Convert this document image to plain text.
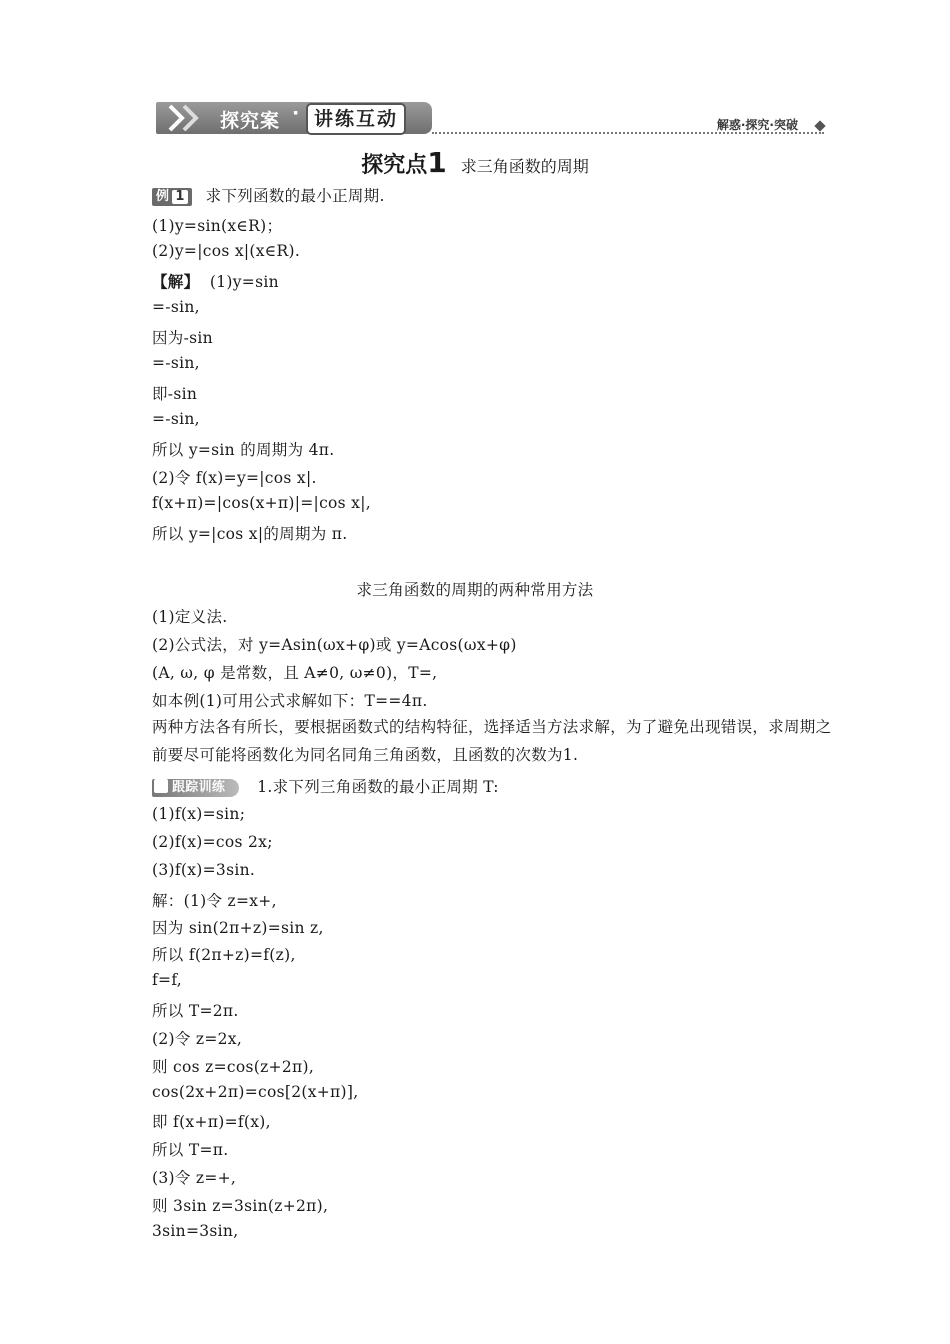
探究案 · 讲练互动	解惑·探究·突破
探究点1 求三角函数的周期
例 1 求下列函数的最小正周期.
(1)y=sin(x∈R)；
(2)y=|cos x|(x∈R).
【解】 (1)y=sin
=-sin,
因为-sin
=-sin,
即-sin
=-sin,
所以 y=sin 的周期为 4π.
(2)令 f(x)=y=|cos x|.
f(x+π)=|cos(x+π)|=|cos x|,
所以 y=|cos x|的周期为 π.
求三角函数的周期的两种常用方法
(1)定义法.
(2)公式法，对 y=Asin(ωx+φ)或 y=Acos(ωx+φ)
(A, ω, φ 是常数，且 A≠0, ω≠0)，T=,
如本例(1)可用公式求解如下：T==4π.
两种方法各有所长，要根据函数式的结构特征，选择适当方法求解，为了避免出现错误，求周期之前要尽可能将函数化为同名同角三角函数，且函数的次数为1.
跟踪训练 1.求下列三角函数的最小正周期 T:
(1)f(x)=sin;
(2)f(x)=cos 2x;
(3)f(x)=3sin.
解：(1)令 z=x+,
因为 sin(2π+z)=sin z,
所以 f(2π+z)=f(z),
f=f,
所以 T=2π.
(2)令 z=2x,
则 cos z=cos(z+2π),
cos(2x+2π)=cos[2(x+π)],
即 f(x+π)=f(x),
所以 T=π.
(3)令 z=+,
则 3sin z=3sin(z+2π),
3sin=3sin,
